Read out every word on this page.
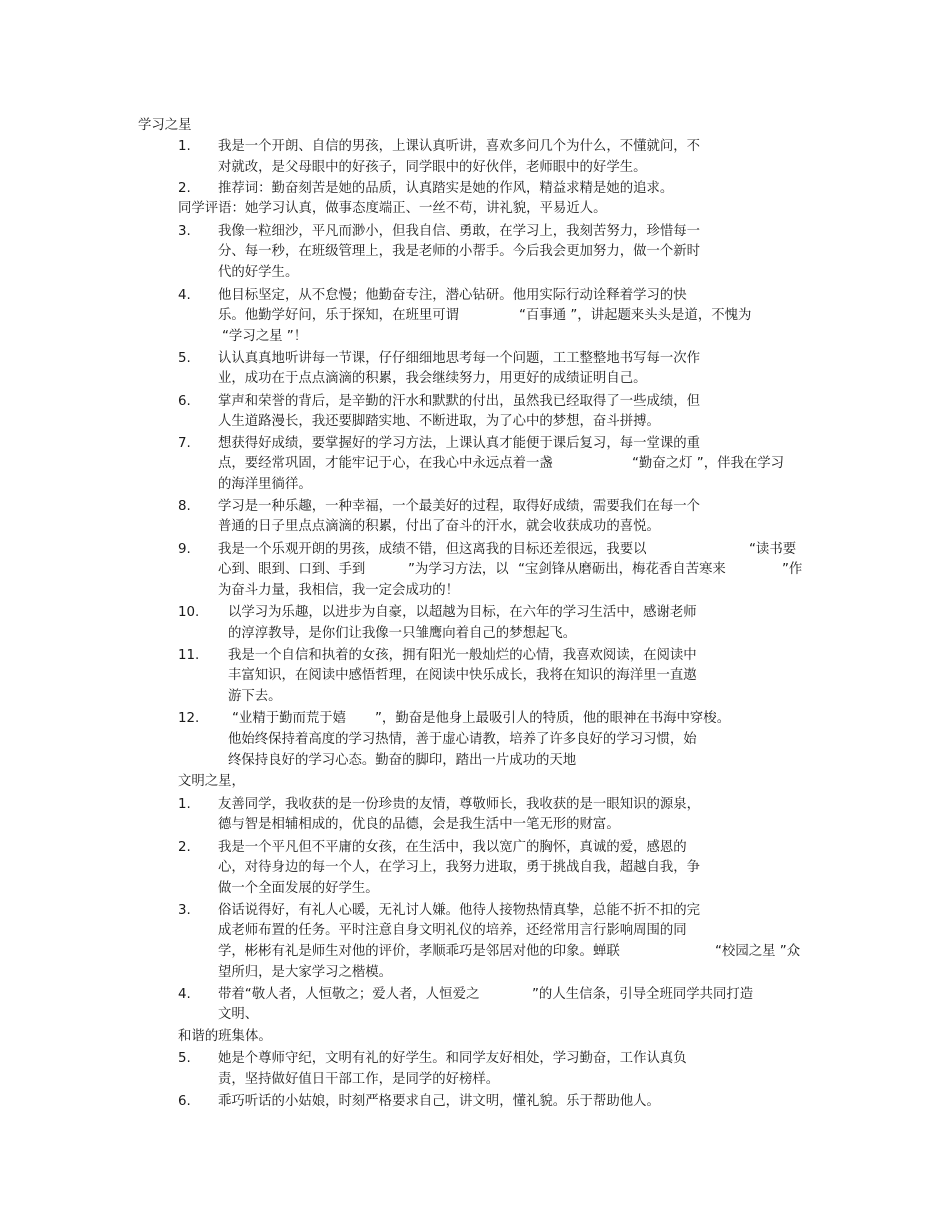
学习之星
1. 我是一个开朗、自信的男孩，上课认真听讲，喜欢多问几个为什么，不懂就问，不
对就改，是父母眼中的好孩子，同学眼中的好伙伴，老师眼中的好学生。
2. 推荐词：勤奋刻苦是她的品质，认真踏实是她的作风，精益求精是她的追求。
同学评语：她学习认真，做事态度端正、一丝不苟，讲礼貌，平易近人。
3. 我像一粒细沙，平凡而渺小，但我自信、勇敢，在学习上，我刻苦努力，珍惜每一
分、每一秒，在班级管理上，我是老师的小帮手。今后我会更加努力，做一个新时
代的好学生。
4. 他目标坚定，从不怠慢；他勤奋专注，潜心钻研。他用实际行动诠释着学习的快
乐。他勤学好问，乐于探知，在班里可谓	“百事通 ”，讲起题来头头是道，不愧为
“学习之星 ”！
5. 认认真真地听讲每一节课，仔仔细细地思考每一个问题，工工整整地书写每一次作
业，成功在于点点滴滴的积累，我会继续努力，用更好的成绩证明自己。
6. 掌声和荣誉的背后，是辛勤的汗水和默默的付出，虽然我已经取得了一些成绩，但
人生道路漫长，我还要脚踏实地、不断进取，为了心中的梦想，奋斗拼搏。
7. 想获得好成绩，要掌握好的学习方法，上课认真才能便于课后复习，每一堂课的重
点，要经常巩固，才能牢记于心，在我心中永远点着一盏	“勤奋之灯 ”，伴我在学习
的海洋里徜徉。
8. 学习是一种乐趣，一种幸福，一个最美好的过程，取得好成绩，需要我们在每一个
普通的日子里点点滴滴的积累，付出了奋斗的汗水，就会收获成功的喜悦。
9. 我是一个乐观开朗的男孩，成绩不错，但这离我的目标还差很远，我要以	“读书要
心到、眼到、口到、手到	”为学习方法，以 “宝剑锋从磨砺出，梅花香自苦寒来	”作
为奋斗力量，我相信，我一定会成功的！
10. 以学习为乐趣，以进步为自豪，以超越为目标，在六年的学习生活中，感谢老师
的淳淳教导，是你们让我像一只雏鹰向着自己的梦想起飞。
11. 我是一个自信和执着的女孩，拥有阳光一般灿烂的心情，我喜欢阅读，在阅读中
丰富知识，在阅读中感悟哲理，在阅读中快乐成长，我将在知识的海洋里一直遨
游下去。
12. “业精于勤而荒于嬉 ”，勤奋是他身上最吸引人的特质，他的眼神在书海中穿梭。
他始终保持着高度的学习热情，善于虚心请教，培养了许多良好的学习习惯，始
终保持良好的学习心态。勤奋的脚印，踏出一片成功的天地
文明之星，
1. 友善同学，我收获的是一份珍贵的友情，尊敬师长，我收获的是一眼知识的源泉，
德与智是相辅相成的，优良的品德，会是我生活中一笔无形的财富。
2. 我是一个平凡但不平庸的女孩，在生活中，我以宽广的胸怀，真诚的爱，感恩的
心，对待身边的每一个人，在学习上，我努力进取，勇于挑战自我，超越自我，争
做一个全面发展的好学生。
3. 俗话说得好，有礼人心暖，无礼讨人嫌。他待人接物热情真挚，总能不折不扣的完
成老师布置的任务。平时注意自身文明礼仪的培养，还经常用言行影响周围的同
学，彬彬有礼是师生对他的评价，孝顺乖巧是邻居对他的印象。蝉联	“校园之星 ”众
望所归，是大家学习之楷模。
4. 带着“敬人者，人恒敬之；爱人者，人恒爱之	”的人生信条，引导全班同学共同打造
文明、
和谐的班集体。
5. 她是个尊师守纪，文明有礼的好学生。和同学友好相处，学习勤奋，工作认真负
责，坚持做好值日干部工作，是同学的好榜样。
6. 乖巧听话的小姑娘，时刻严格要求自己，讲文明，懂礼貌。乐于帮助他人。
